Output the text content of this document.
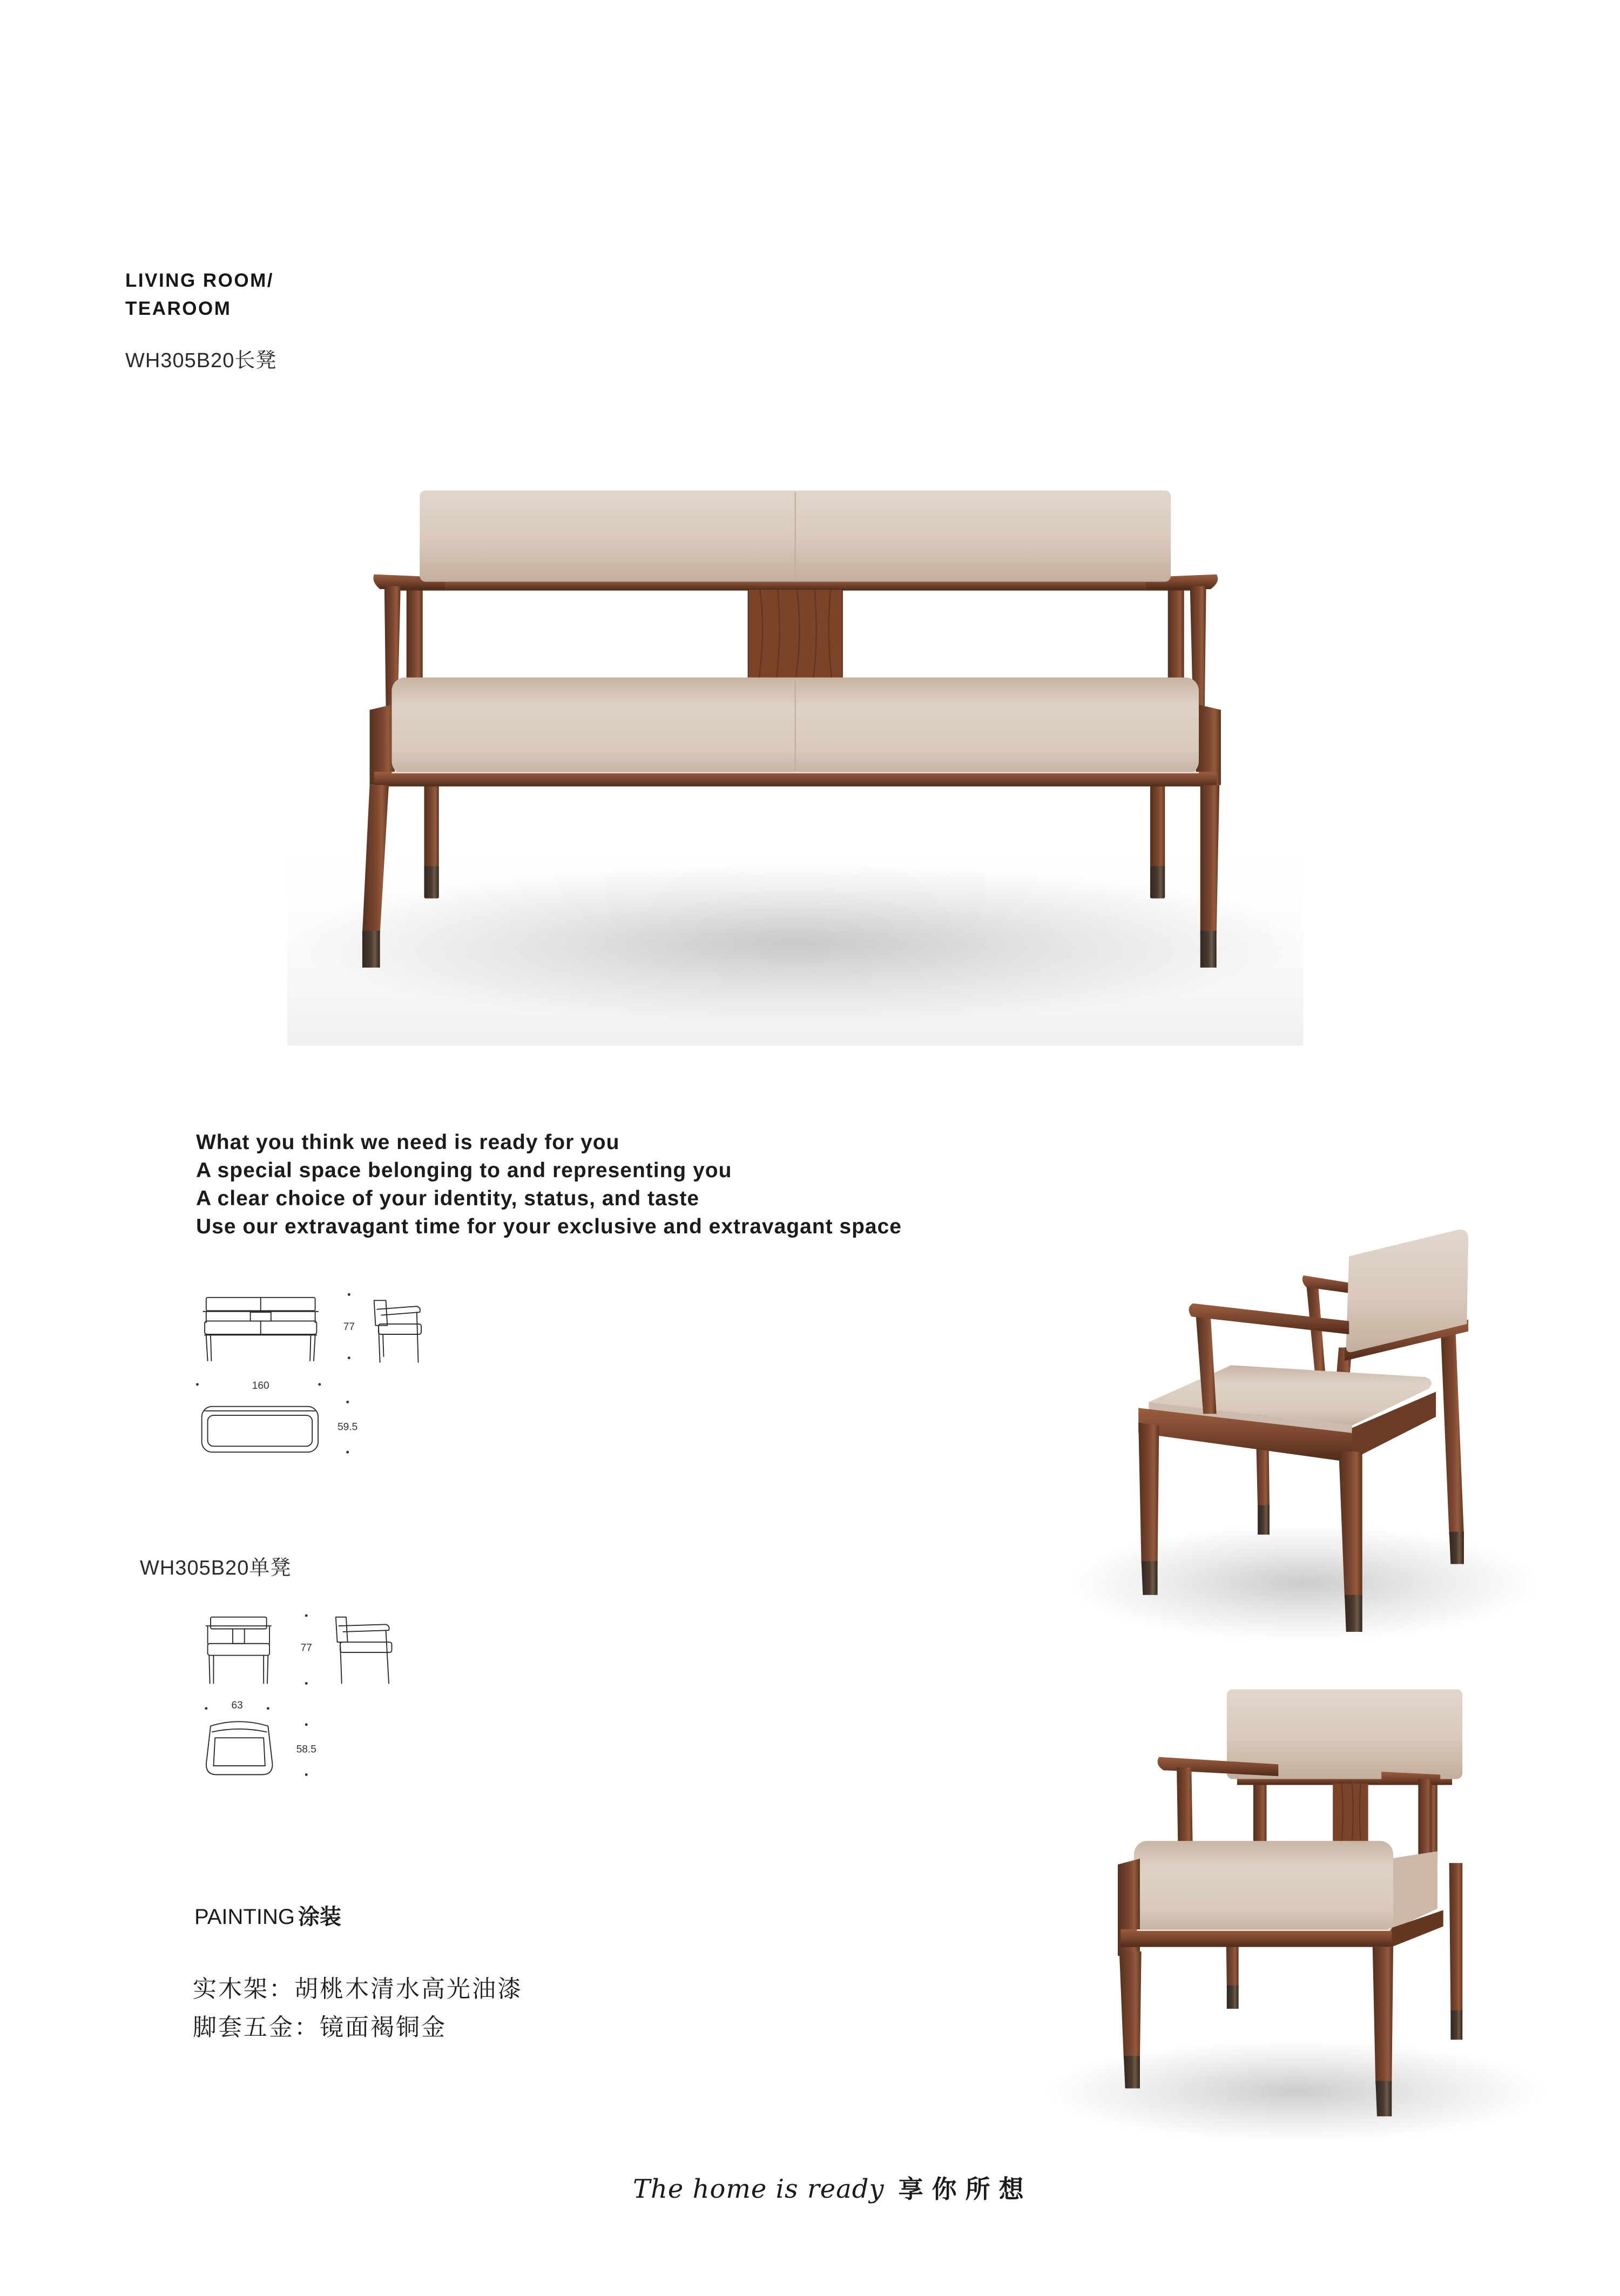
77
160
59.5
77
63
58.5
LIVING ROOM/
TEAROOM
WH305B20长凳
What you think we need is ready for you
A special space belonging to and representing you
A clear choice of your identity, status, and taste
Use our extravagant time for your exclusive and extravagant space
WH305B20单凳
PAINTING 涂装
实木架：胡桃木清水高光油漆
脚套五金：镜面褐铜金
The home is ready 享你所想
